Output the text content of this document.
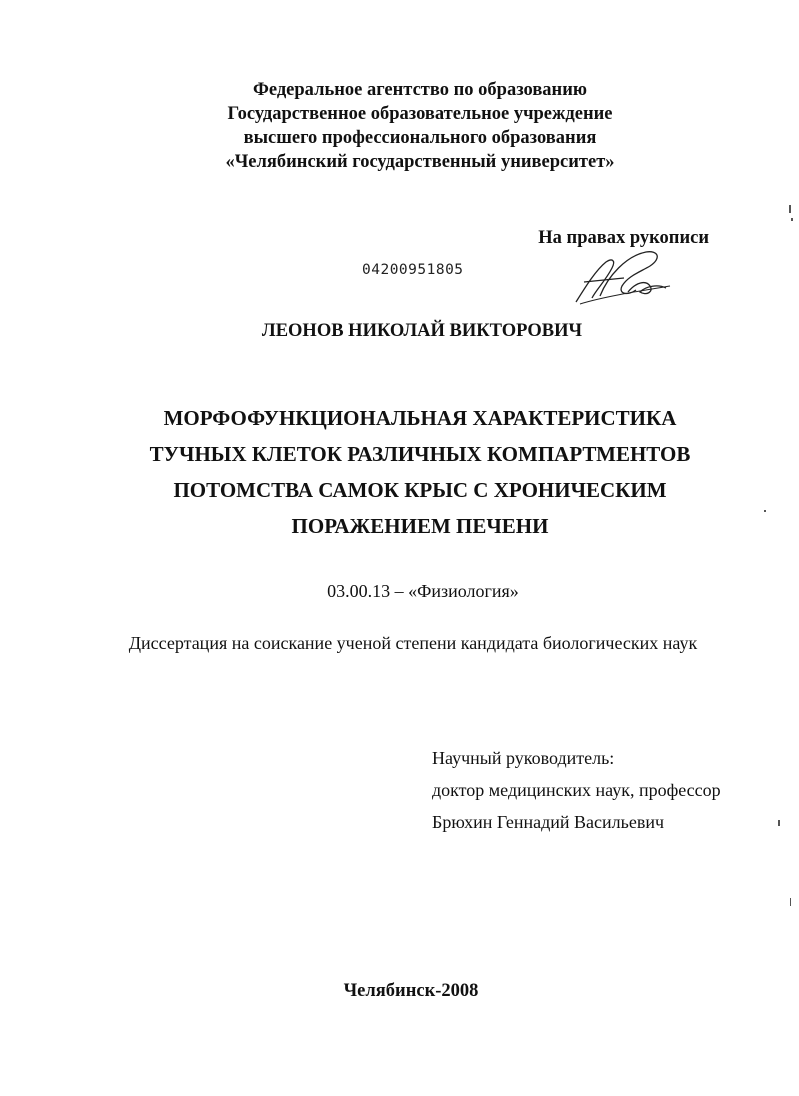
Федеральное агентство по образованию
Государственное образовательное учреждение
высшего профессионального образования
«Челябинский государственный университет»
На правах рукописи
04200951805
ЛЕОНОВ НИКОЛАЙ ВИКТОРОВИЧ
МОРФОФУНКЦИОНАЛЬНАЯ ХАРАКТЕРИСТИКА
ТУЧНЫХ КЛЕТОК РАЗЛИЧНЫХ КОМПАРТМЕНТОВ
ПОТОМСТВА САМОК КРЫС С ХРОНИЧЕСКИМ
ПОРАЖЕНИЕМ ПЕЧЕНИ
03.00.13 – «Физиология»
Диссертация на соискание ученой степени кандидата биологических наук
Научный руководитель:
доктор медицинских наук, профессор
Брюхин Геннадий Васильевич
Челябинск-2008
